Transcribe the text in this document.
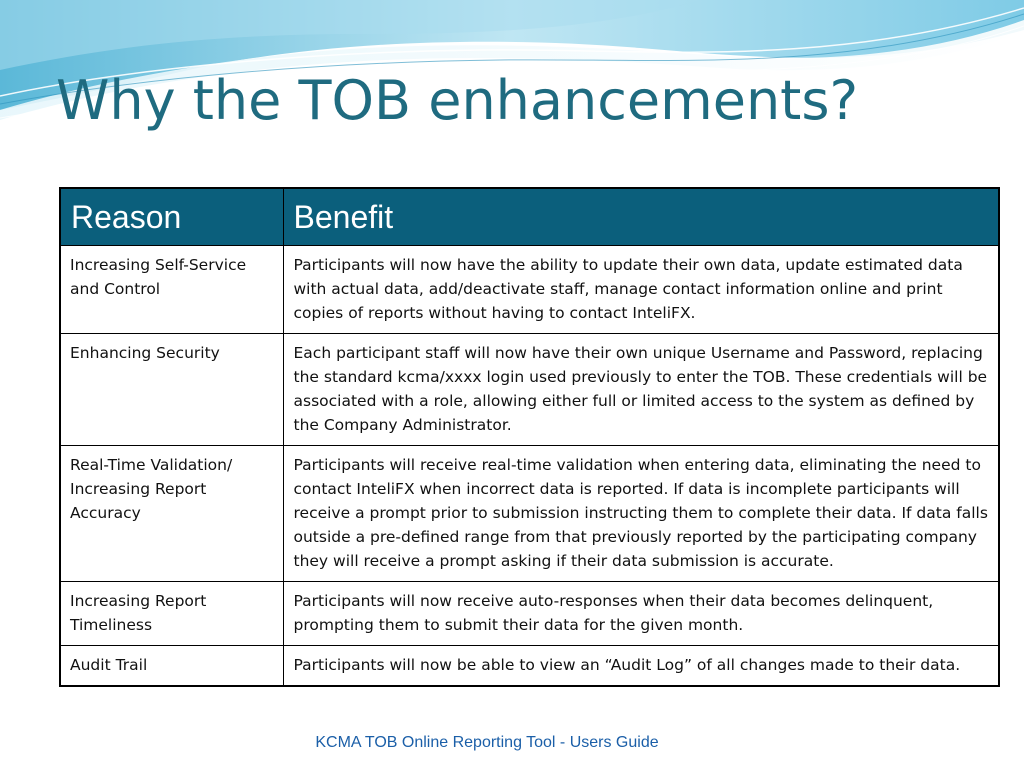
Why the TOB enhancements?
Reason	Benefit
Increasing Self-Service and Control	Participants will now have the ability to update their own data, update estimated data with actual data, add/deactivate staff, manage contact information online and print copies of reports without having to contact InteliFX.
Enhancing Security	Each participant staff will now have their own unique Username and Password, replacing the standard kcma/xxxx login used previously to enter the TOB. These credentials will be associated with a role, allowing either full or limited access to the system as defined by the Company Administrator.
Real-Time Validation/ Increasing Report Accuracy	Participants will receive real-time validation when entering data, eliminating the need to contact InteliFX when incorrect data is reported. If data is incomplete participants will receive a prompt prior to submission instructing them to complete their data. If data falls outside a pre-defined range from that previously reported by the participating company they will receive a prompt asking if their data submission is accurate.
Increasing Report Timeliness	Participants will now receive auto-responses when their data becomes delinquent, prompting them to submit their data for the given month.
Audit Trail	Participants will now be able to view an “Audit Log” of all changes made to their data.
KCMA TOB Online Reporting Tool - Users Guide
